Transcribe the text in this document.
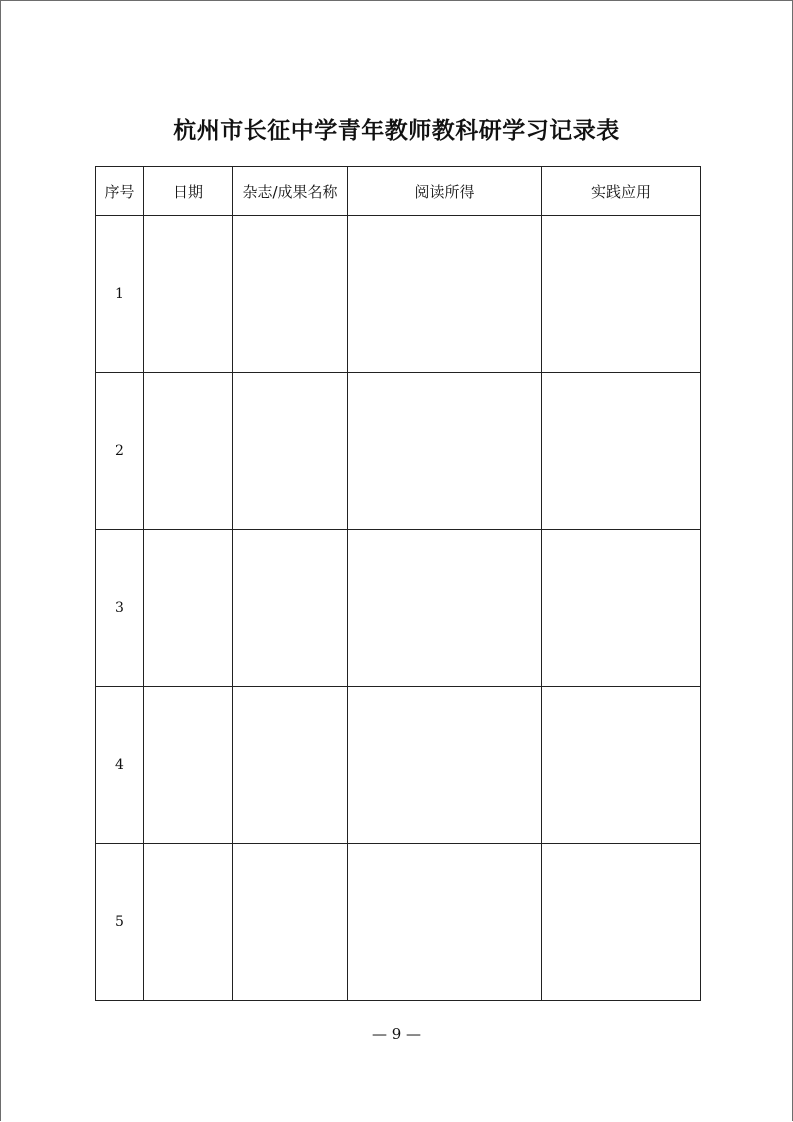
杭州市长征中学青年教师教科研学习记录表
序号	日期	杂志/成果名称	阅读所得	实践应用
1				
2				
3				
4				
5				
— 9 —
